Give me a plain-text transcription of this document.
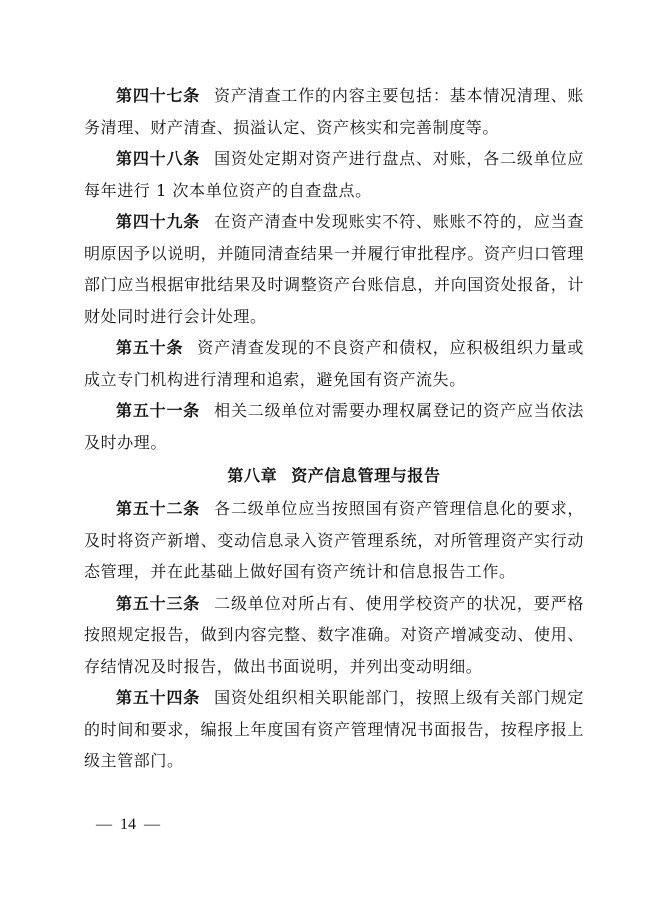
第四十七条 资产清查工作的内容主要包括：基本情况清理、账务清理、财产清查、损溢认定、资产核实和完善制度等。

第四十八条 国资处定期对资产进行盘点、对账，各二级单位应每年进行 1 次本单位资产的自查盘点。

第四十九条 在资产清查中发现账实不符、账账不符的，应当查明原因予以说明，并随同清查结果一并履行审批程序。资产归口管理部门应当根据审批结果及时调整资产台账信息，并向国资处报备，计财处同时进行会计处理。

第五十条 资产清查发现的不良资产和债权，应积极组织力量或成立专门机构进行清理和追索，避免国有资产流失。

第五十一条 相关二级单位对需要办理权属登记的资产应当依法及时办理。

第八章 资产信息管理与报告

第五十二条 各二级单位应当按照国有资产管理信息化的要求，及时将资产新增、变动信息录入资产管理系统，对所管理资产实行动态管理，并在此基础上做好国有资产统计和信息报告工作。

第五十三条 二级单位对所占有、使用学校资产的状况，要严格按照规定报告，做到内容完整、数字准确。对资产增减变动、使用、存结情况及时报告，做出书面说明，并列出变动明细。

第五十四条 国资处组织相关职能部门，按照上级有关部门规定的时间和要求，编报上年度国有资产管理情况书面报告，按程序报上级主管部门。

— 14 —
